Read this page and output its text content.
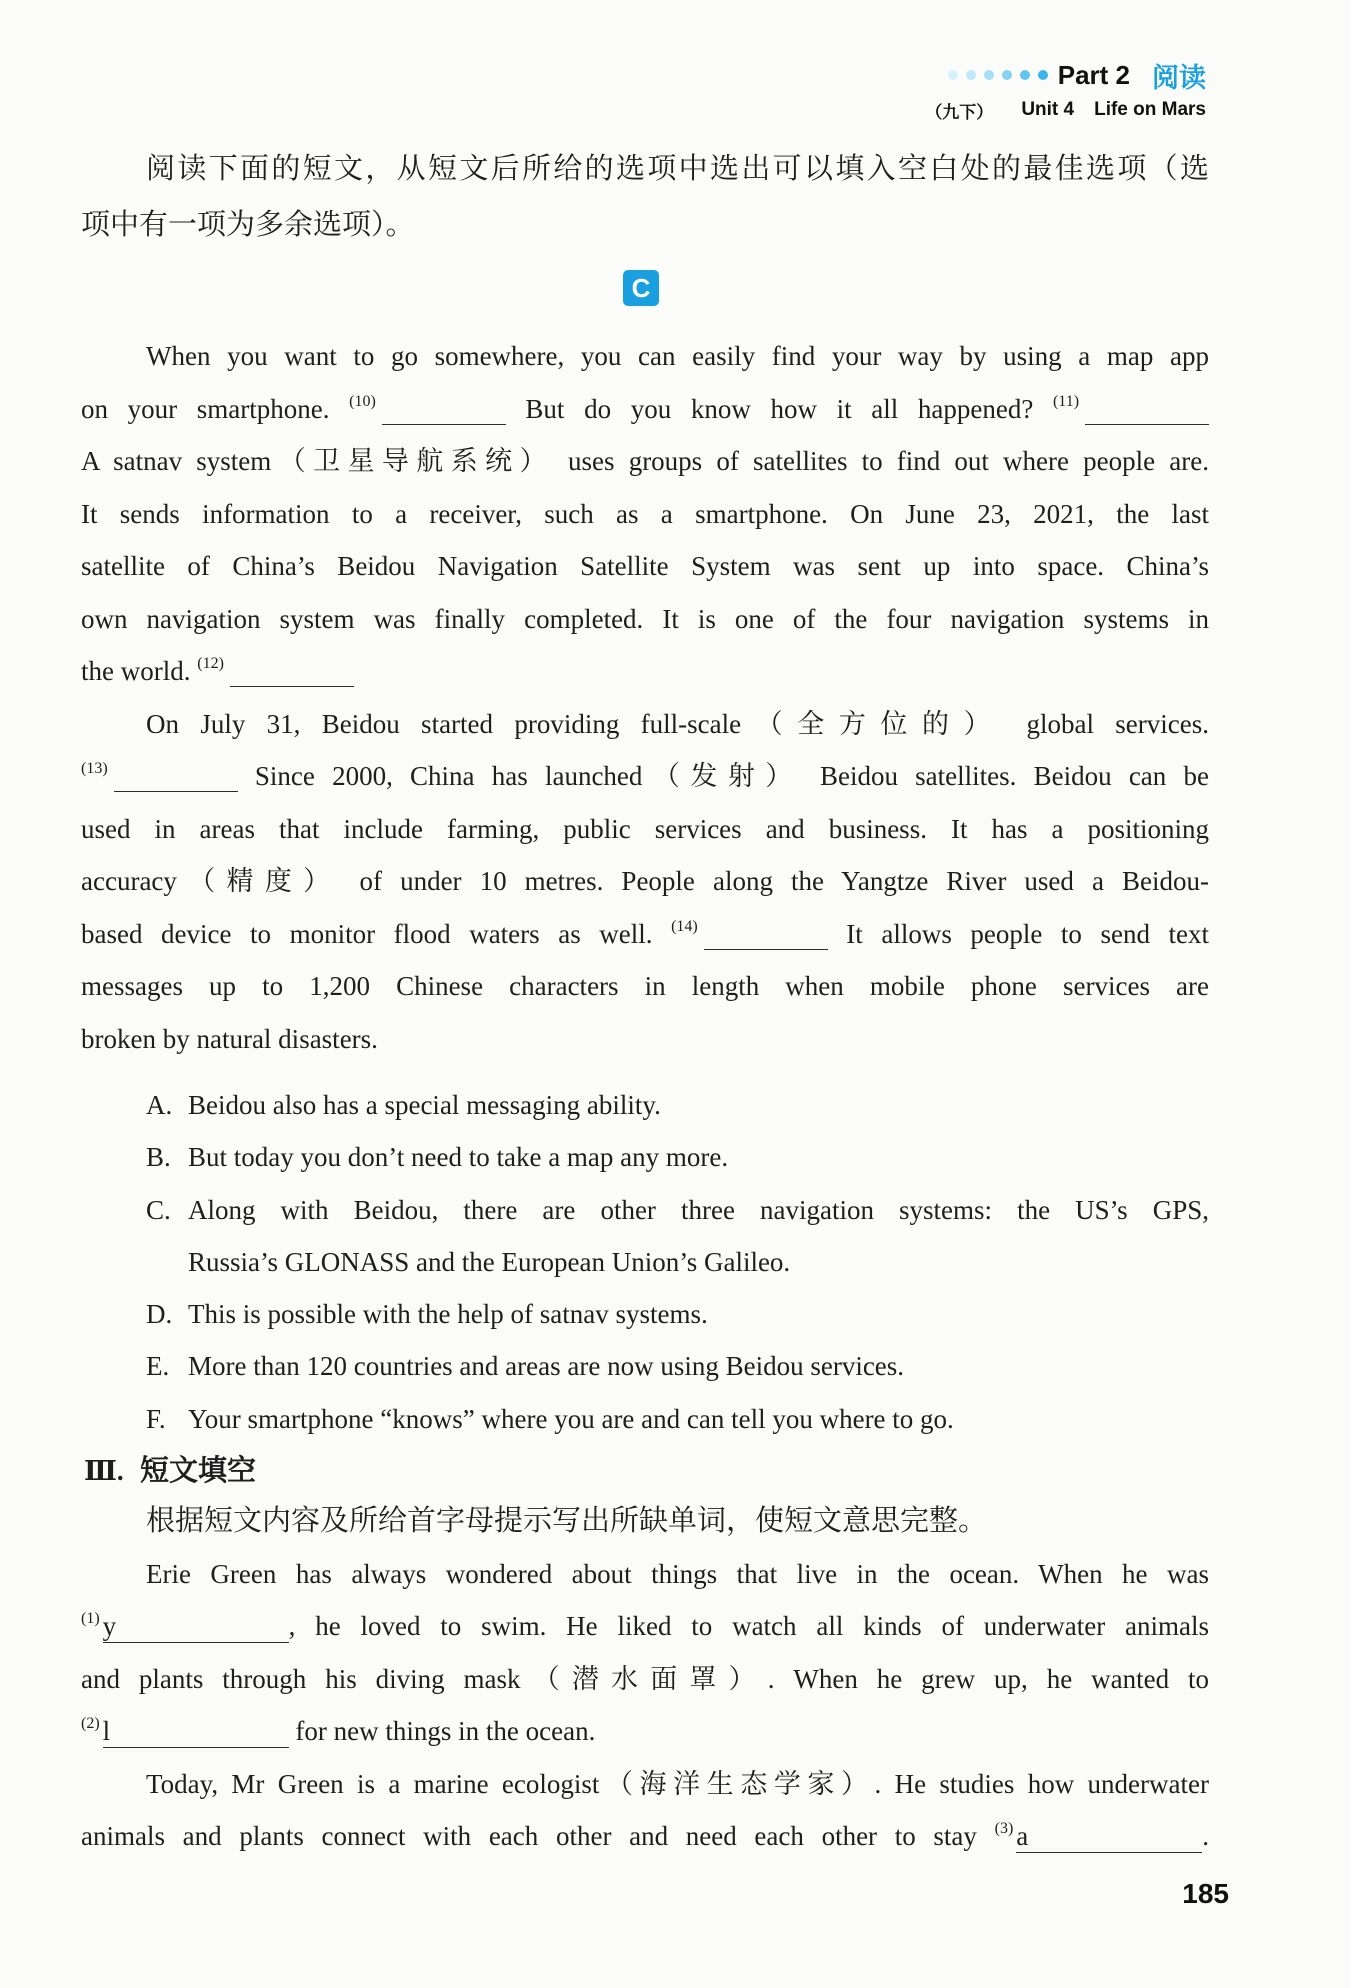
Part 2 阅读
（九下） Unit 4 Life on Mars
阅读下面的短文，从短文后所给的选项中选出可以填入空白处的最佳选项（选
项中有一项为多余选项）。
C
When you want to go somewhere, you can easily find your way by using a map app
on your smartphone. (10)	But do you know how it all happened? (11)
A satnav system（卫星导航系统） uses groups of satellites to find out where people are.
It sends information to a receiver, such as a smartphone. On June 23, 2021, the last
satellite of China’s Beidou Navigation Satellite System was sent up into space. China’s
own navigation system was finally completed. It is one of the four navigation systems in
the world. (12)
On July 31, Beidou started providing full-scale（全方位的） global services.
(13)	Since 2000, China has launched（发射） Beidou satellites. Beidou can be
used in areas that include farming, public services and business. It has a positioning
accuracy（精度） of under 10 metres. People along the Yangtze River used a Beidou-
based device to monitor flood waters as well. (14)	It allows people to send text
messages up to 1,200 Chinese characters in length when mobile phone services are
broken by natural disasters.
A. Beidou also has a special messaging ability.
B. But today you don’t need to take a map any more.
C. Along with Beidou, there are other three navigation systems: the US’s GPS,
Russia’s GLONASS and the European Union’s Galileo.
D. This is possible with the help of satnav systems.
E. More than 120 countries and areas are now using Beidou services.
F. Your smartphone “knows” where you are and can tell you where to go.
Ⅲ. 短文填空
根据短文内容及所给首字母提示写出所缺单词，使短文意思完整。
Erie Green has always wondered about things that live in the ocean. When he was
(1) y	, he loved to swim. He liked to watch all kinds of underwater animals
and plants through his diving mask（潜水面罩）. When he grew up, he wanted to
(2) l	for new things in the ocean.
Today, Mr Green is a marine ecologist（海洋生态学家）. He studies how underwater
animals and plants connect with each other and need each other to stay (3) a	.
185
